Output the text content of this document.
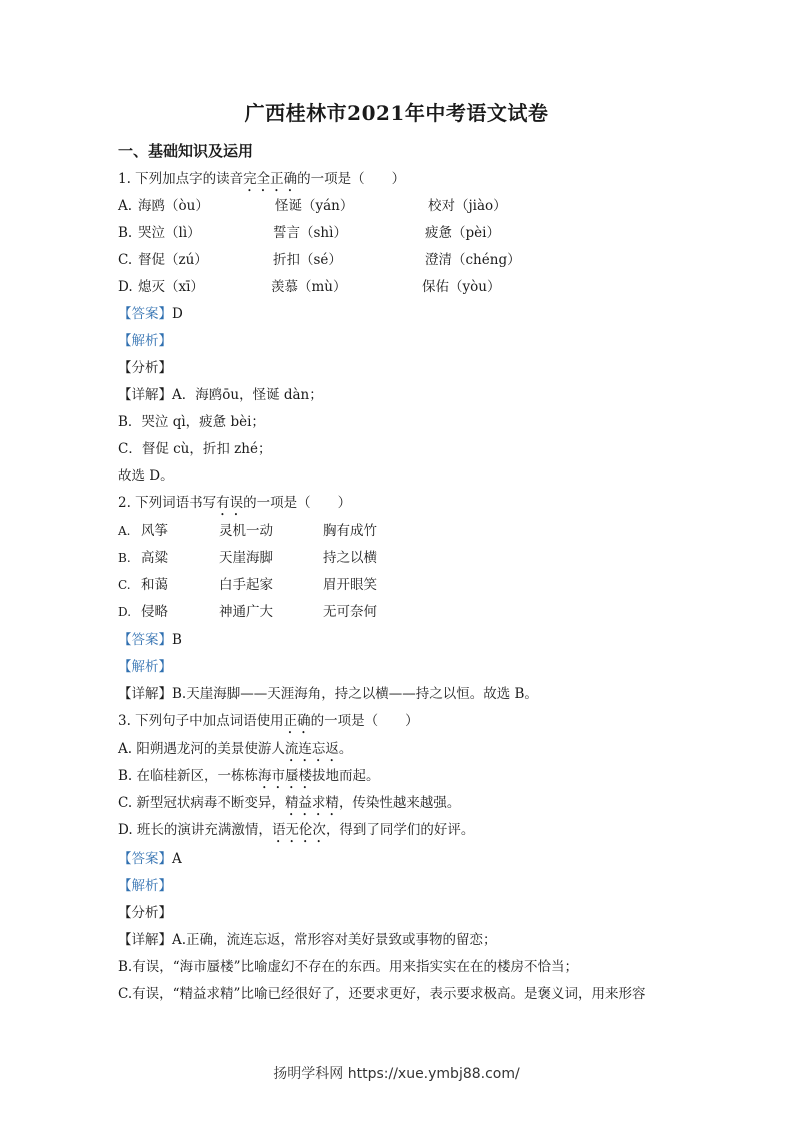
广西桂林市2021年中考语文试卷
一、基础知识及运用
1. 下列加点字的读音完全正确的一项是（　　）
A. 海鸥（òu）	怪诞（yán）	校对（jiào）
B. 哭泣（lì）	誓言（shì）	疲惫（pèi）
C. 督促（zú）	折扣（sé）	澄清（chéng）
D. 熄灭（xī）	羡慕（mù）	保佑（yòu）
【答案】D
【解析】
【分析】
【详解】A．海鸥ōu，怪诞 dàn；
B．哭泣 qì，疲惫 bèi；
C．督促 cù，折扣 zhé；
故选 D。
2. 下列词语书写有误的一项是（　　）
A. 风筝	灵机一动	胸有成竹
B. 高粱	天崖海脚	持之以横
C. 和蔼	白手起家	眉开眼笑
D. 侵略	神通广大	无可奈何
【答案】B
【解析】
【详解】B.天崖海脚——天涯海角，持之以横——持之以恒。故选 B。
3. 下列句子中加点词语使用正确的一项是（　　）
A. 阳朔遇龙河的美景使游人流连忘返。
B. 在临桂新区，一栋栋海市蜃楼拔地而起。
C. 新型冠状病毒不断变异，精益求精，传染性越来越强。
D. 班长的演讲充满激情，语无伦次，得到了同学们的好评。
【答案】A
【解析】
【分析】
【详解】A.正确，流连忘返，常形容对美好景致或事物的留恋；
B.有误，“海市蜃楼”比喻虚幻不存在的东西。用来指实实在在的楼房不恰当；
C.有误，“精益求精”比喻已经很好了，还要求更好，表示要求极高。是褒义词，用来形容
扬明学科网 https://xue.ymbj88.com/
